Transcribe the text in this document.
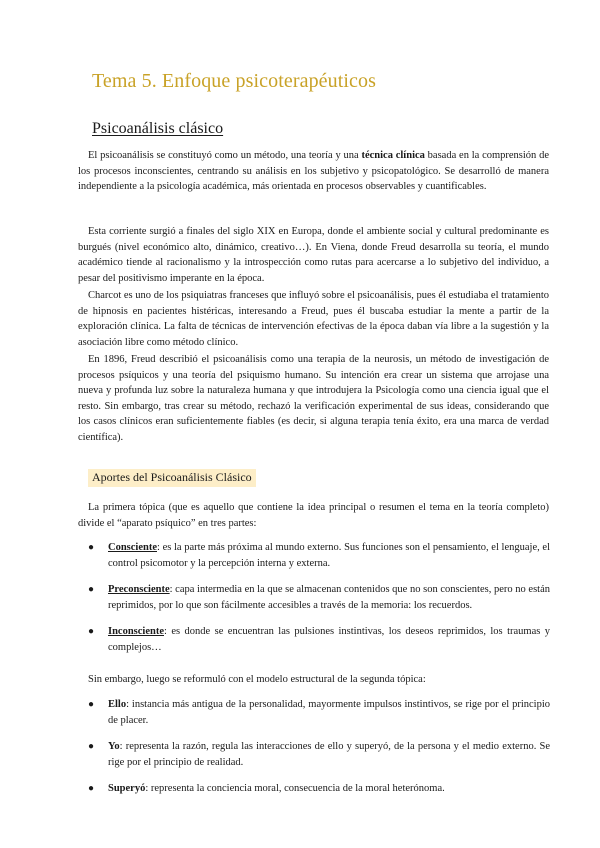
Tema 5. Enfoque psicoterapéuticos
Psicoanálisis clásico

El psicoanálisis se constituyó como un método, una teoría y una técnica clínica basada en la comprensión de los procesos inconscientes, centrando su análisis en los subjetivo y psicopatológico. Se desarrolló de manera independiente a la psicología académica, más orientada en procesos observables y cuantificables.

Esta corriente surgió a finales del siglo XIX en Europa, donde el ambiente social y cultural predominante es burgués (nivel económico alto, dinámico, creativo…). En Viena, donde Freud desarrolla su teoría, el mundo académico tiende al racionalismo y la introspección como rutas para acercarse a lo subjetivo del individuo, a pesar del positivismo imperante en la época.

Charcot es uno de los psiquiatras franceses que influyó sobre el psicoanálisis, pues él estudiaba el tratamiento de hipnosis en pacientes histéricas, interesando a Freud, pues él buscaba estudiar la mente a partir de la exploración clínica. La falta de técnicas de intervención efectivas de la época daban vía libre a la sugestión y la asociación libre como método clínico.

En 1896, Freud describió el psicoanálisis como una terapia de la neurosis, un método de investigación de procesos psíquicos y una teoría del psiquismo humano. Su intención era crear un sistema que arrojase una nueva y profunda luz sobre la naturaleza humana y que introdujera la Psicología como una ciencia igual que el resto. Sin embargo, tras crear su método, rechazó la verificación experimental de sus ideas, considerando que los casos clínicos eran suficientemente fiables (es decir, si alguna terapia tenía éxito, era una marca de verdad científica).

Aportes del Psicoanálisis Clásico

La primera tópica (que es aquello que contiene la idea principal o resumen el tema en la teoría completo) divide el “aparato psíquico” en tres partes:

● Consciente: es la parte más próxima al mundo externo. Sus funciones son el pensamiento, el lenguaje, el control psicomotor y la percepción interna y externa.
● Preconsciente: capa intermedia en la que se almacenan contenidos que no son conscientes, pero no están reprimidos, por lo que son fácilmente accesibles a través de la memoria: los recuerdos.
● Inconsciente: es donde se encuentran las pulsiones instintivas, los deseos reprimidos, los traumas y complejos…

Sin embargo, luego se reformuló con el modelo estructural de la segunda tópica:

● Ello: instancia más antigua de la personalidad, mayormente impulsos instintivos, se rige por el principio de placer.
● Yo: representa la razón, regula las interacciones de ello y superyó, de la persona y el medio externo. Se rige por el principio de realidad.
● Superyó: representa la conciencia moral, consecuencia de la moral heterónoma.
